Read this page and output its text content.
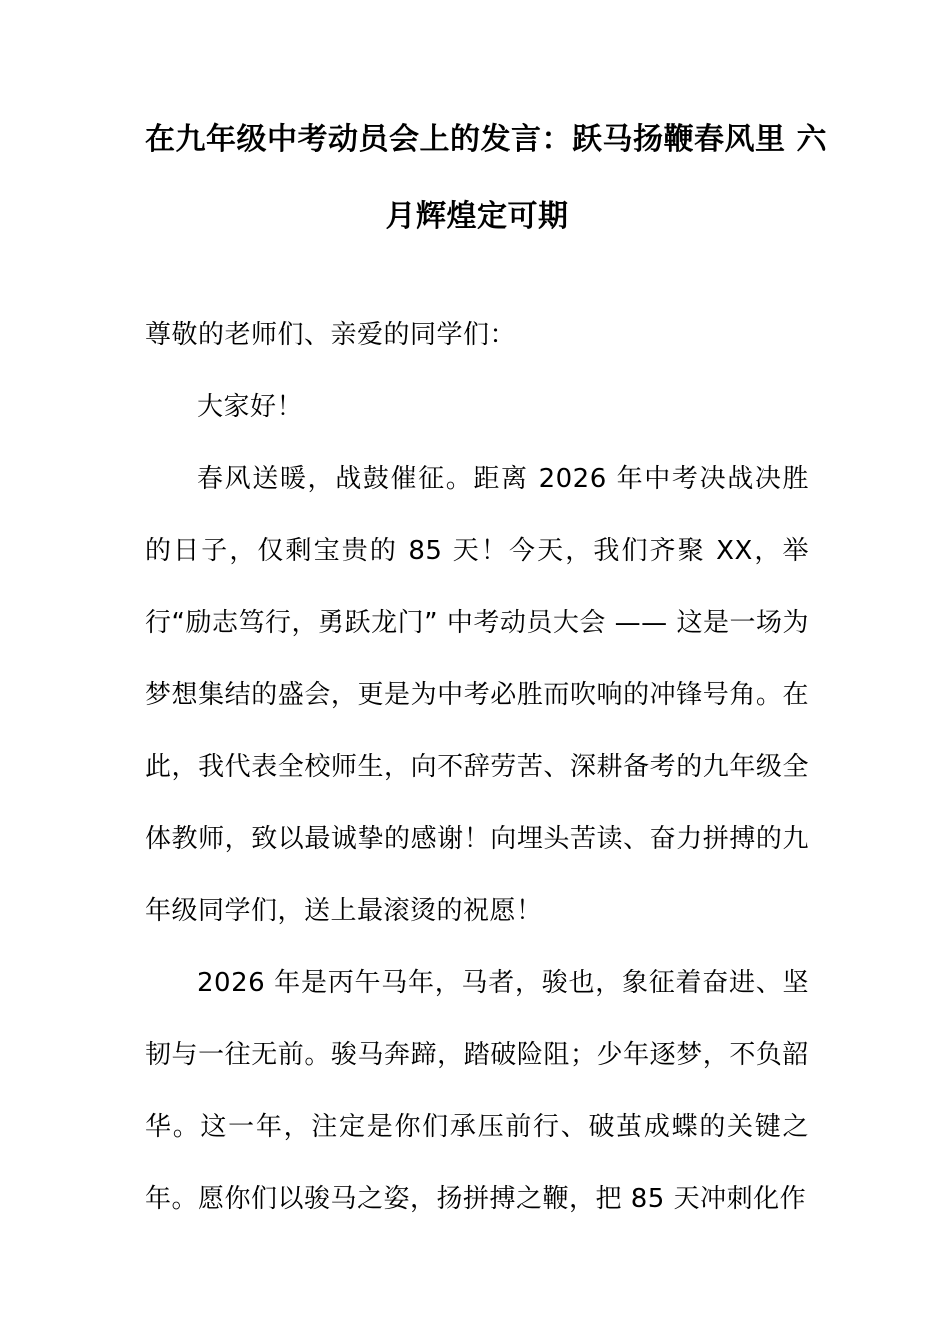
在九年级中考动员会上的发言：跃马扬鞭春风里 六
月辉煌定可期

尊敬的老师们、亲爱的同学们：

大家好！

春风送暖，战鼓催征。距离 2026 年中考决战决胜的日子，仅剩宝贵的 85 天！今天，我们齐聚 XX，举行“励志笃行，勇跃龙门” 中考动员大会 —— 这是一场为梦想集结的盛会，更是为中考必胜而吹响的冲锋号角。在此，我代表全校师生，向不辞劳苦、深耕备考的九年级全体教师，致以最诚挚的感谢！向埋头苦读、奋力拼搏的九年级同学们，送上最滚烫的祝愿！

2026 年是丙午马年，马者，骏也，象征着奋进、坚韧与一往无前。骏马奔蹄，踏破险阻；少年逐梦，不负韶华。这一年，注定是你们承压前行、破茧成蝶的关键之年。愿你们以骏马之姿，扬拼搏之鞭，把 85 天冲刺化作
